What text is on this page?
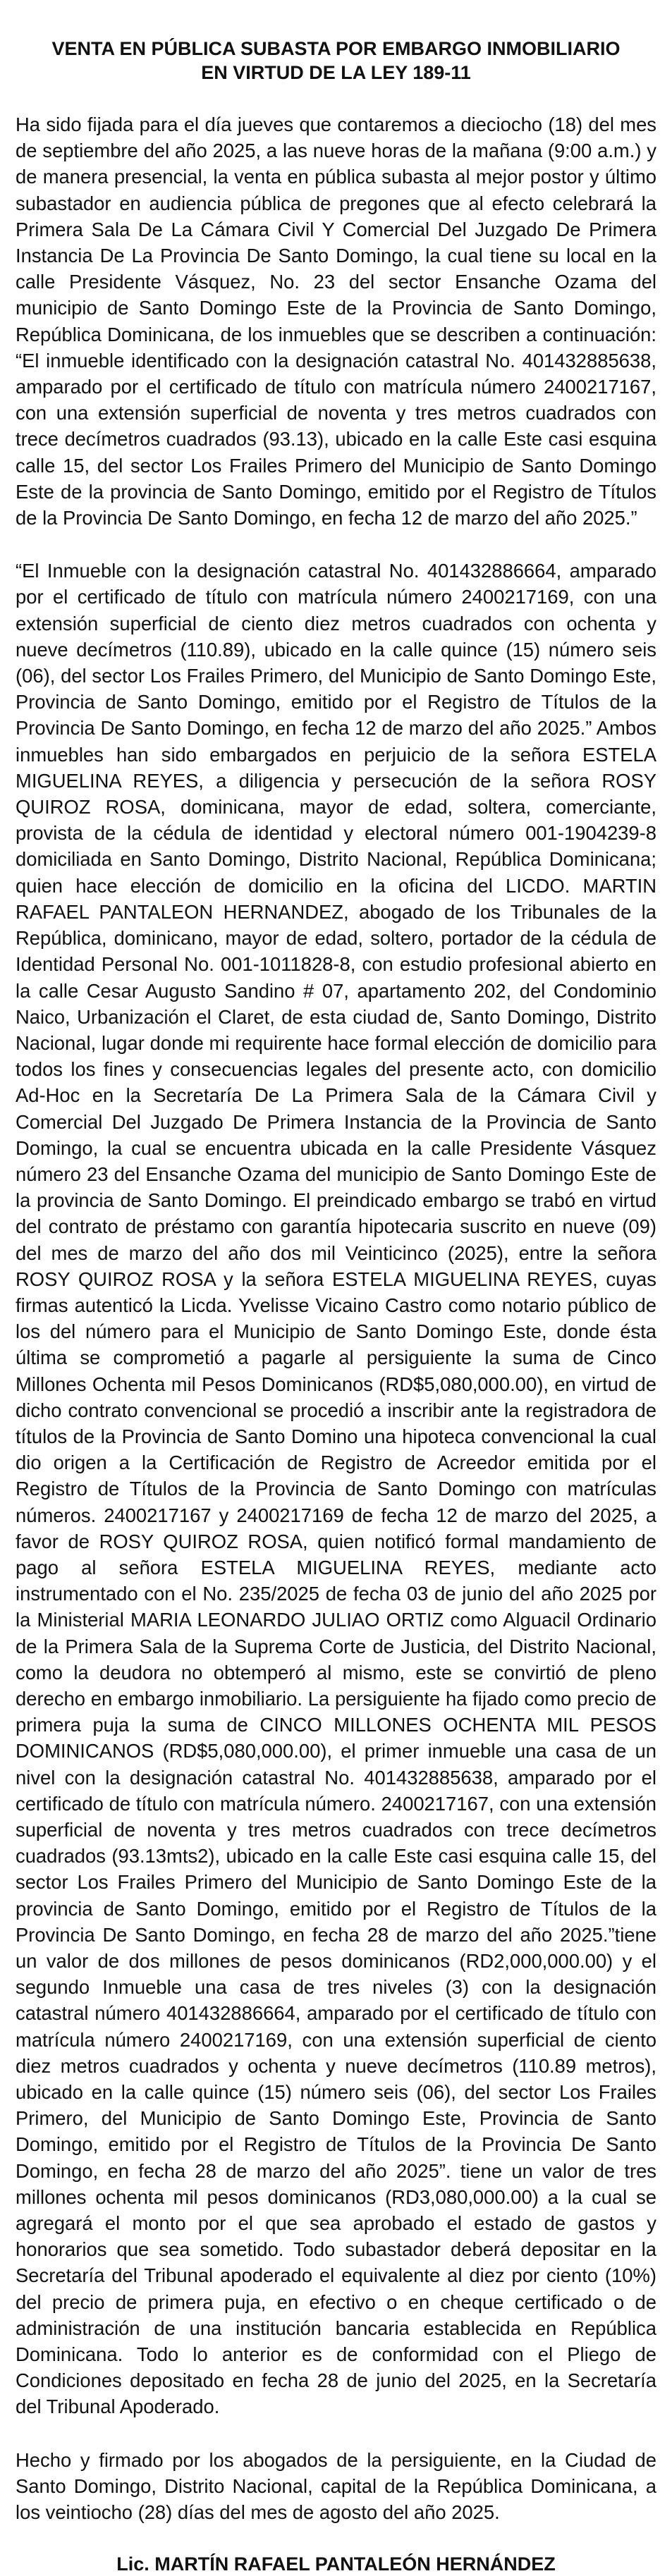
VENTA EN PÚBLICA SUBASTA POR EMBARGO INMOBILIARIO
EN VIRTUD DE LA LEY 189-11

Ha sido fijada para el día jueves que contaremos a dieciocho (18) del mes de septiembre del año 2025, a las nueve horas de la mañana (9:00 a.m.) y de manera presencial, la venta en pública subasta al mejor postor y último subastador en audiencia pública de pregones que al efecto celebrará la Primera Sala De La Cámara Civil Y Comercial Del Juzgado De Primera Instancia De La Provincia De Santo Domingo, la cual tiene su local en la calle Presidente Vásquez, No. 23 del sector Ensanche Ozama del municipio de Santo Domingo Este de la Provincia de Santo Domingo, República Dominicana, de los inmuebles que se describen a continuación: “El inmueble identificado con la designación catastral No. 401432885638, amparado por el certificado de título con matrícula número 2400217167, con una extensión superficial de noventa y tres metros cuadrados con trece decímetros cuadrados (93.13), ubicado en la calle Este casi esquina calle 15, del sector Los Frailes Primero del Municipio de Santo Domingo Este de la provincia de Santo Domingo, emitido por el Registro de Títulos de la Provincia De Santo Domingo, en fecha 12 de marzo del año 2025.”

“El Inmueble con la designación catastral No. 401432886664, amparado por el certificado de título con matrícula número 2400217169, con una extensión superficial de ciento diez metros cuadrados con ochenta y nueve decímetros (110.89), ubicado en la calle quince (15) número seis (06), del sector Los Frailes Primero, del Municipio de Santo Domingo Este, Provincia de Santo Domingo, emitido por el Registro de Títulos de la Provincia De Santo Domingo, en fecha 12 de marzo del año 2025.” Ambos inmuebles han sido embargados en perjuicio de la señora ESTELA MIGUELINA REYES, a diligencia y persecución de la señora ROSY QUIROZ ROSA, dominicana, mayor de edad, soltera, comerciante, provista de la cédula de identidad y electoral número 001-1904239-8 domiciliada en Santo Domingo, Distrito Nacional, República Dominicana; quien hace elección de domicilio en la oficina del LICDO. MARTIN RAFAEL PANTALEON HERNANDEZ, abogado de los Tribunales de la República, dominicano, mayor de edad, soltero, portador de la cédula de Identidad Personal No. 001-1011828-8, con estudio profesional abierto en la calle Cesar Augusto Sandino # 07, apartamento 202, del Condominio Naico, Urbanización el Claret, de esta ciudad de, Santo Domingo, Distrito Nacional, lugar donde mi requirente hace formal elección de domicilio para todos los fines y consecuencias legales del presente acto, con domicilio Ad-Hoc en la Secretaría De La Primera Sala de la Cámara Civil y Comercial Del Juzgado De Primera Instancia de la Provincia de Santo Domingo, la cual se encuentra ubicada en la calle Presidente Vásquez número 23 del Ensanche Ozama del municipio de Santo Domingo Este de la provincia de Santo Domingo. El preindicado embargo se trabó en virtud del contrato de préstamo con garantía hipotecaria suscrito en nueve (09) del mes de marzo del año dos mil Veinticinco (2025), entre la señora ROSY QUIROZ ROSA y la señora ESTELA MIGUELINA REYES, cuyas firmas autenticó la Licda. Yvelisse Vicaino Castro como notario público de los del número para el Municipio de Santo Domingo Este, donde ésta última se comprometió a pagarle al persiguiente la suma de Cinco Millones Ochenta mil Pesos Dominicanos (RD$5,080,000.00), en virtud de dicho contrato convencional se procedió a inscribir ante la registradora de títulos de la Provincia de Santo Domino una hipoteca convencional la cual dio origen a la Certificación de Registro de Acreedor emitida por el Registro de Títulos de la Provincia de Santo Domingo con matrículas números. 2400217167 y 2400217169 de fecha 12 de marzo del 2025, a favor de ROSY QUIROZ ROSA, quien notificó formal mandamiento de pago al señora ESTELA MIGUELINA REYES, mediante acto instrumentado con el No. 235/2025 de fecha 03 de junio del año 2025 por la Ministerial MARIA LEONARDO JULIAO ORTIZ como Alguacil Ordinario de la Primera Sala de la Suprema Corte de Justicia, del Distrito Nacional, como la deudora no obtemperó al mismo, este se convirtió de pleno derecho en embargo inmobiliario. La persiguiente ha fijado como precio de primera puja la suma de CINCO MILLONES OCHENTA MIL PESOS DOMINICANOS (RD$5,080,000.00), el primer inmueble una casa de un nivel con la designación catastral No. 401432885638, amparado por el certificado de título con matrícula número. 2400217167, con una extensión superficial de noventa y tres metros cuadrados con trece decímetros cuadrados (93.13mts2), ubicado en la calle Este casi esquina calle 15, del sector Los Frailes Primero del Municipio de Santo Domingo Este de la provincia de Santo Domingo, emitido por el Registro de Títulos de la Provincia De Santo Domingo, en fecha 28 de marzo del año 2025.”tiene un valor de dos millones de pesos dominicanos (RD2,000,000.00) y el segundo Inmueble una casa de tres niveles (3) con la designación catastral número 401432886664, amparado por el certificado de título con matrícula número 2400217169, con una extensión superficial de ciento diez metros cuadrados y ochenta y nueve decímetros (110.89 metros), ubicado en la calle quince (15) número seis (06), del sector Los Frailes Primero, del Municipio de Santo Domingo Este, Provincia de Santo Domingo, emitido por el Registro de Títulos de la Provincia De Santo Domingo, en fecha 28 de marzo del año 2025”. tiene un valor de tres millones ochenta mil pesos dominicanos (RD3,080,000.00) a la cual se agregará el monto por el que sea aprobado el estado de gastos y honorarios que sea sometido. Todo subastador deberá depositar en la Secretaría del Tribunal apoderado el equivalente al diez por ciento (10%) del precio de primera puja, en efectivo o en cheque certificado o de administración de una institución bancaria establecida en República Dominicana. Todo lo anterior es de conformidad con el Pliego de Condiciones depositado en fecha 28 de junio del 2025, en la Secretaría del Tribunal Apoderado.

Hecho y firmado por los abogados de la persiguiente, en la Ciudad de Santo Domingo, Distrito Nacional, capital de la República Dominicana, a los veintiocho (28) días del mes de agosto del año 2025.

Lic. MARTÍN RAFAEL PANTALEÓN HERNÁNDEZ
